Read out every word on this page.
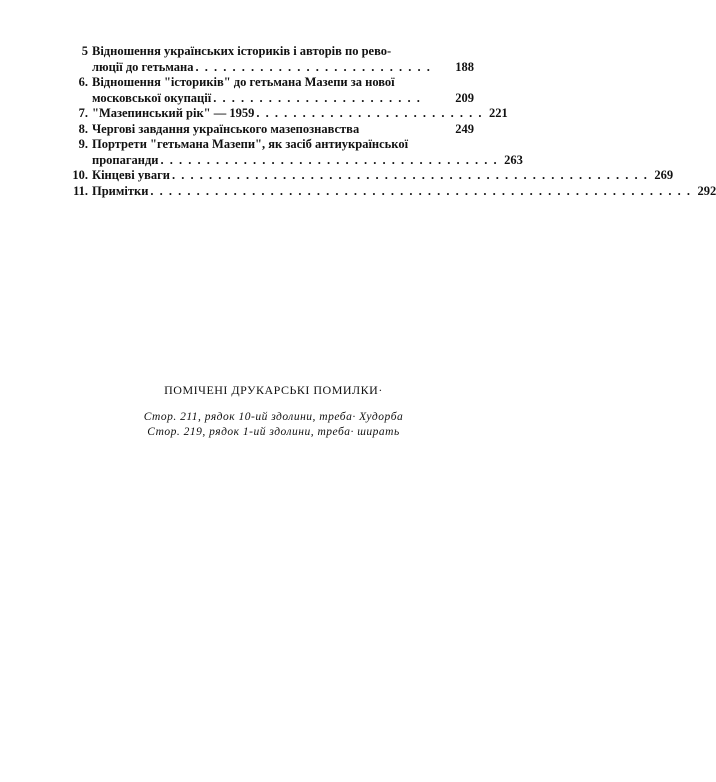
5 Відношення українських істориків і авторів по рево-
люції до гетьмана . . . . . . . . . . . . . . . . . . . . . . . . . .	188
6. Відношення "істориків" до гетьмана Мазепи за нової
московської окупації . . . . . . . . . . . . . . . . . . . . . . .	209
7. "Мазепинський рік" — 1959 . . . . . . . . . . . . . . . . . . . . . . . . . 221
8. Чергові завдання українського мазепознавства	249
9. Портрети "гетьмана Мазепи", як засіб антиукраїнської
пропаганди . . . . . . . . . . . . . . . . . . . . . . . . . . . . . . . . . . . . . 263
10. Кінцеві уваги . . . . . . . . . . . . . . . . . . . . . . . . . . . . . . . . . . . . . . . . . . . . . . . . . . . . 269
11. Примітки . . . . . . . . . . . . . . . . . . . . . . . . . . . . . . . . . . . . . . . . . . . . . . . . . . . . . . . . . . . 292
ПОМІЧЕНІ ДРУКАРСЬКІ ПОМИЛКИ·
Стор. 211, рядок 10-ий здолини, треба· Худорба
Стор. 219, рядок 1-ий здолини, треба· ширать
